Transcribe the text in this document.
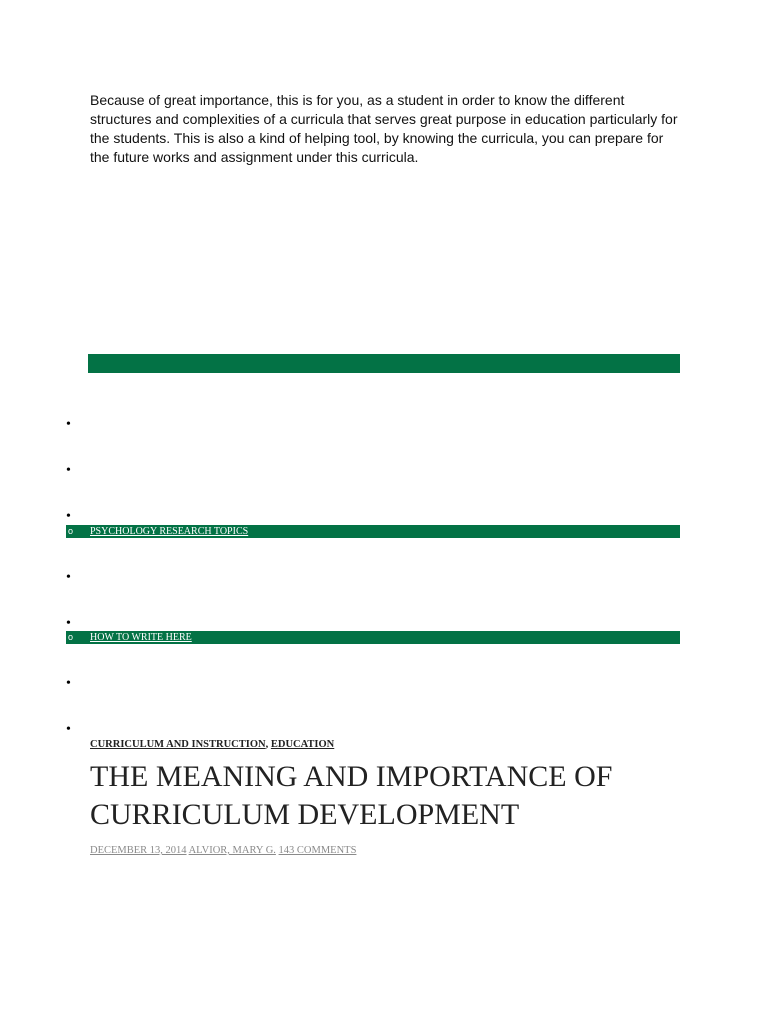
Because of great importance, this is for you, as a student in order to know the different structures and complexities of a curricula that serves great purpose in education particularly for the students. This is also a kind of helping tool, by knowing the curricula, you can prepare for the future works and assignment under this curricula.

•
•
•
o PSYCHOLOGY RESEARCH TOPICS
•
•
o HOW TO WRITE HERE
•
•
CURRICULUM AND INSTRUCTION, EDUCATION
THE MEANING AND IMPORTANCE OF CURRICULUM DEVELOPMENT
DECEMBER 13, 2014 ALVIOR, MARY G. 143 COMMENTS
